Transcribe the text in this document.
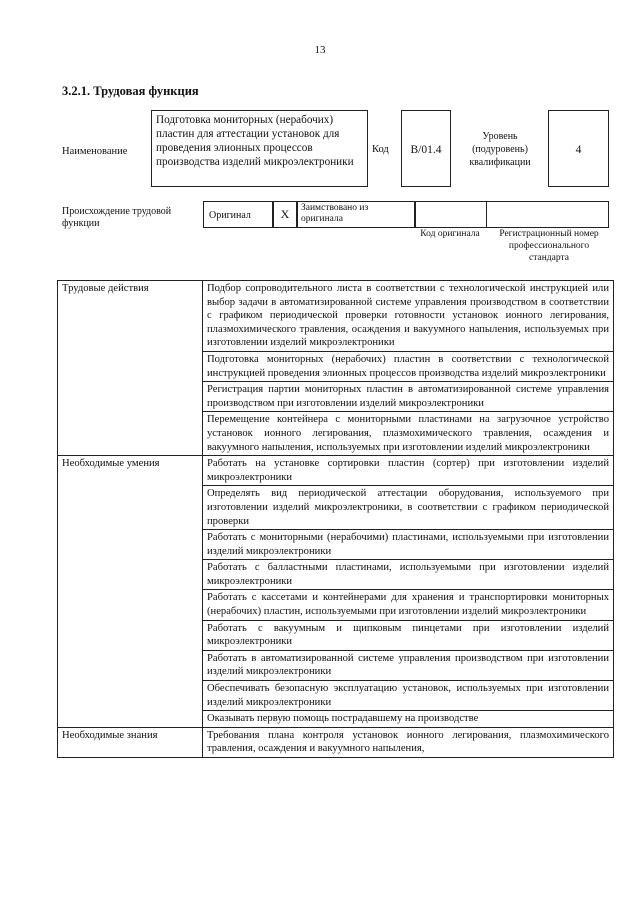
13
3.2.1. Трудовая функция
Наименование
Подготовка мониторных (нерабочих) пластин для аттестации установок для проведения элионных процессов производства изделий микроэлектроники
Код	B/01.4
Уровень (подуровень) квалификации
4
Происхождение трудовой функции
Оригинал	X	Заимствовано из оригинала
Код оригинала	Регистрационный номер профессионального стандарта
Трудовые действия	Подбор сопроводительного листа в соответствии с технологической инструкцией или выбор задачи в автоматизированной системе управления производством в соответствии с графиком периодической проверки готовности установок ионного легирования, плазмохимического травления, осаждения и вакуумного напыления, используемых при изготовлении изделий микроэлектроники
	Подготовка мониторных (нерабочих) пластин в соответствии с технологической инструкцией проведения элионных процессов производства изделий микроэлектроники
	Регистрация партии мониторных пластин в автоматизированной системе управления производством при изготовлении изделий микроэлектроники
	Перемещение контейнера с мониторными пластинами на загрузочное устройство установок ионного легирования, плазмохимического травления, осаждения и вакуумного напыления, используемых при изготовлении изделий микроэлектроники
Необходимые умения	Работать на установке сортировки пластин (сортер) при изготовлении изделий микроэлектроники
	Определять вид периодической аттестации оборудования, используемого при изготовлении изделий микроэлектроники, в соответствии с графиком периодической проверки
	Работать с мониторными (нерабочими) пластинами, используемыми при изготовлении изделий микроэлектроники
	Работать с балластными пластинами, используемыми при изготовлении изделий микроэлектроники
	Работать с кассетами и контейнерами для хранения и транспортировки мониторных (нерабочих) пластин, используемыми при изготовлении изделий микроэлектроники
	Работать с вакуумным и щипковым пинцетами при изготовлении изделий микроэлектроники
	Работать в автоматизированной системе управления производством при изготовлении изделий микроэлектроники
	Обеспечивать безопасную эксплуатацию установок, используемых при изготовлении изделий микроэлектроники
	Оказывать первую помощь пострадавшему на производстве
Необходимые знания	Требования плана контроля установок ионного легирования, плазмохимического травления, осаждения и вакуумного напыления,
